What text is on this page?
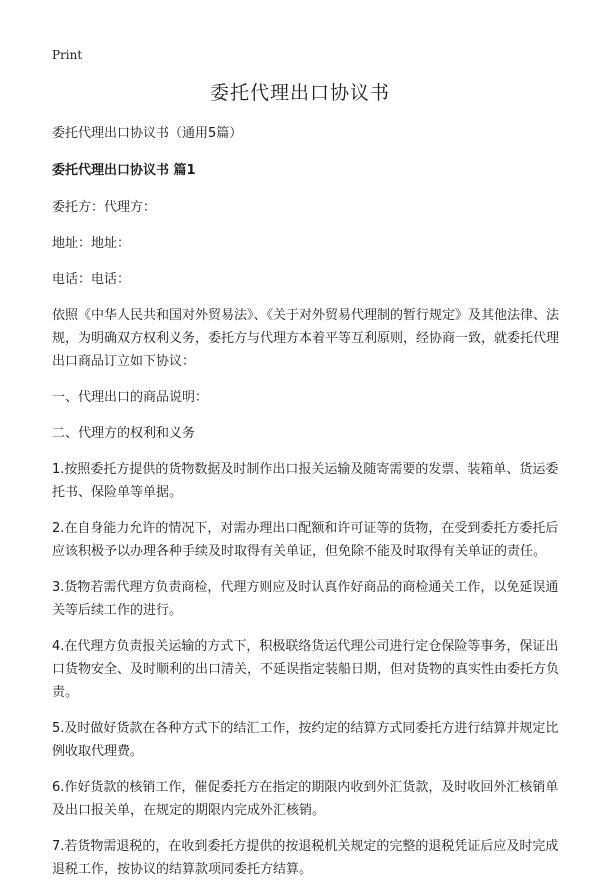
Print
委托代理出口协议书

委托代理出口协议书（通用5篇）

委托代理出口协议书 篇1

委托方：代理方：

地址：地址：

电话：电话：

依照《中华人民共和国对外贸易法》、《关于对外贸易代理制的暂行规定》及其他法律、法规，为明确双方权利义务，委托方与代理方本着平等互利原则，经协商一致，就委托代理出口商品订立如下协议：

一、代理出口的商品说明：

二、代理方的权利和义务

1.按照委托方提供的货物数据及时制作出口报关运输及随寄需要的发票、装箱单、货运委托书、保险单等单据。

2.在自身能力允许的情况下，对需办理出口配额和许可证等的货物，在受到委托方委托后应该积极予以办理各种手续及时取得有关单证，但免除不能及时取得有关单证的责任。

3.货物若需代理方负责商检，代理方则应及时认真作好商品的商检通关工作，以免延误通关等后续工作的进行。

4.在代理方负责报关运输的方式下，积极联络货运代理公司进行定仓保险等事务，保证出口货物安全、及时顺利的出口清关，不延误指定装船日期，但对货物的真实性由委托方负责。

5.及时做好货款在各种方式下的结汇工作，按约定的结算方式同委托方进行结算并规定比例收取代理费。

6.作好货款的核销工作，催促委托方在指定的期限内收到外汇货款，及时收回外汇核销单及出口报关单，在规定的期限内完成外汇核销。

7.若货物需退税的，在收到委托方提供的按退税机关规定的完整的退税凭证后应及时完成退税工作，按协议的结算款项同委托方结算。
